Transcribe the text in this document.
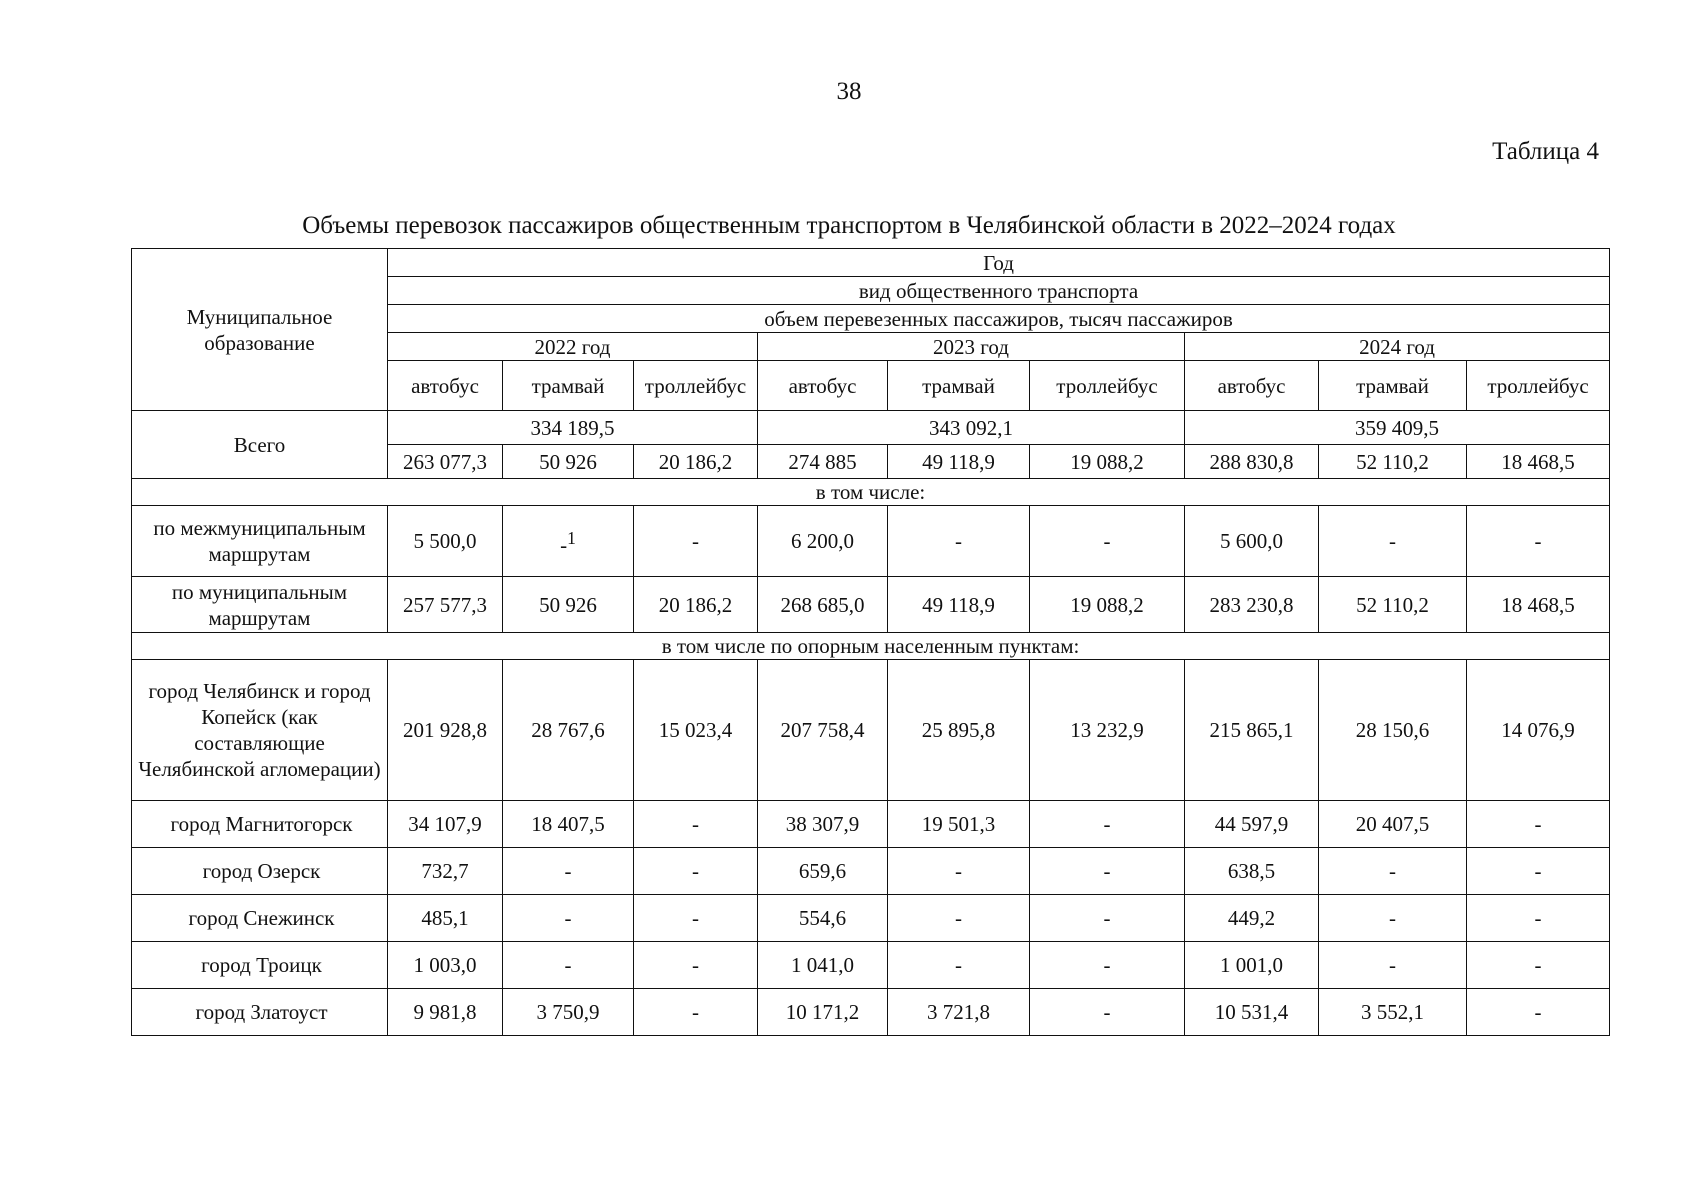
38
Таблица 4
Объемы перевозок пассажиров общественным транспортом в Челябинской области в 2022–2024 годах
Муниципальное образование	Год								
	вид общественного транспорта								
	объем перевезенных пассажиров, тысяч пассажиров								
	2022 год			2023 год			2024 год		
	автобус	трамвай	троллейбус	автобус	трамвай	троллейбус	автобус	трамвай	троллейбус
Всего	334 189,5			343 092,1			359 409,5		
	263 077,3	50 926	20 186,2	274 885	49 118,9	19 088,2	288 830,8	52 110,2	18 468,5
в том числе:									
по межмуниципальным маршрутам	5 500,0	-$^1$	-	6 200,0	-	-	5 600,0	-	-
по муниципальным маршрутам	257 577,3	50 926	20 186,2	268 685,0	49 118,9	19 088,2	283 230,8	52 110,2	18 468,5
в том числе по опорным населенным пунктам:									
город Челябинск и город Копейск (как составляющие Челябинской агломерации)	201 928,8	28 767,6	15 023,4	207 758,4	25 895,8	13 232,9	215 865,1	28 150,6	14 076,9
город Магнитогорск	34 107,9	18 407,5	-	38 307,9	19 501,3	-	44 597,9	20 407,5	-
город Озерск	732,7	-	-	659,6	-	-	638,5	-	-
город Снежинск	485,1	-	-	554,6	-	-	449,2	-	-
город Троицк	1 003,0	-	-	1 041,0	-	-	1 001,0	-	-
город Златоуст	9 981,8	3 750,9	-	10 171,2	3 721,8	-	10 531,4	3 552,1	-
